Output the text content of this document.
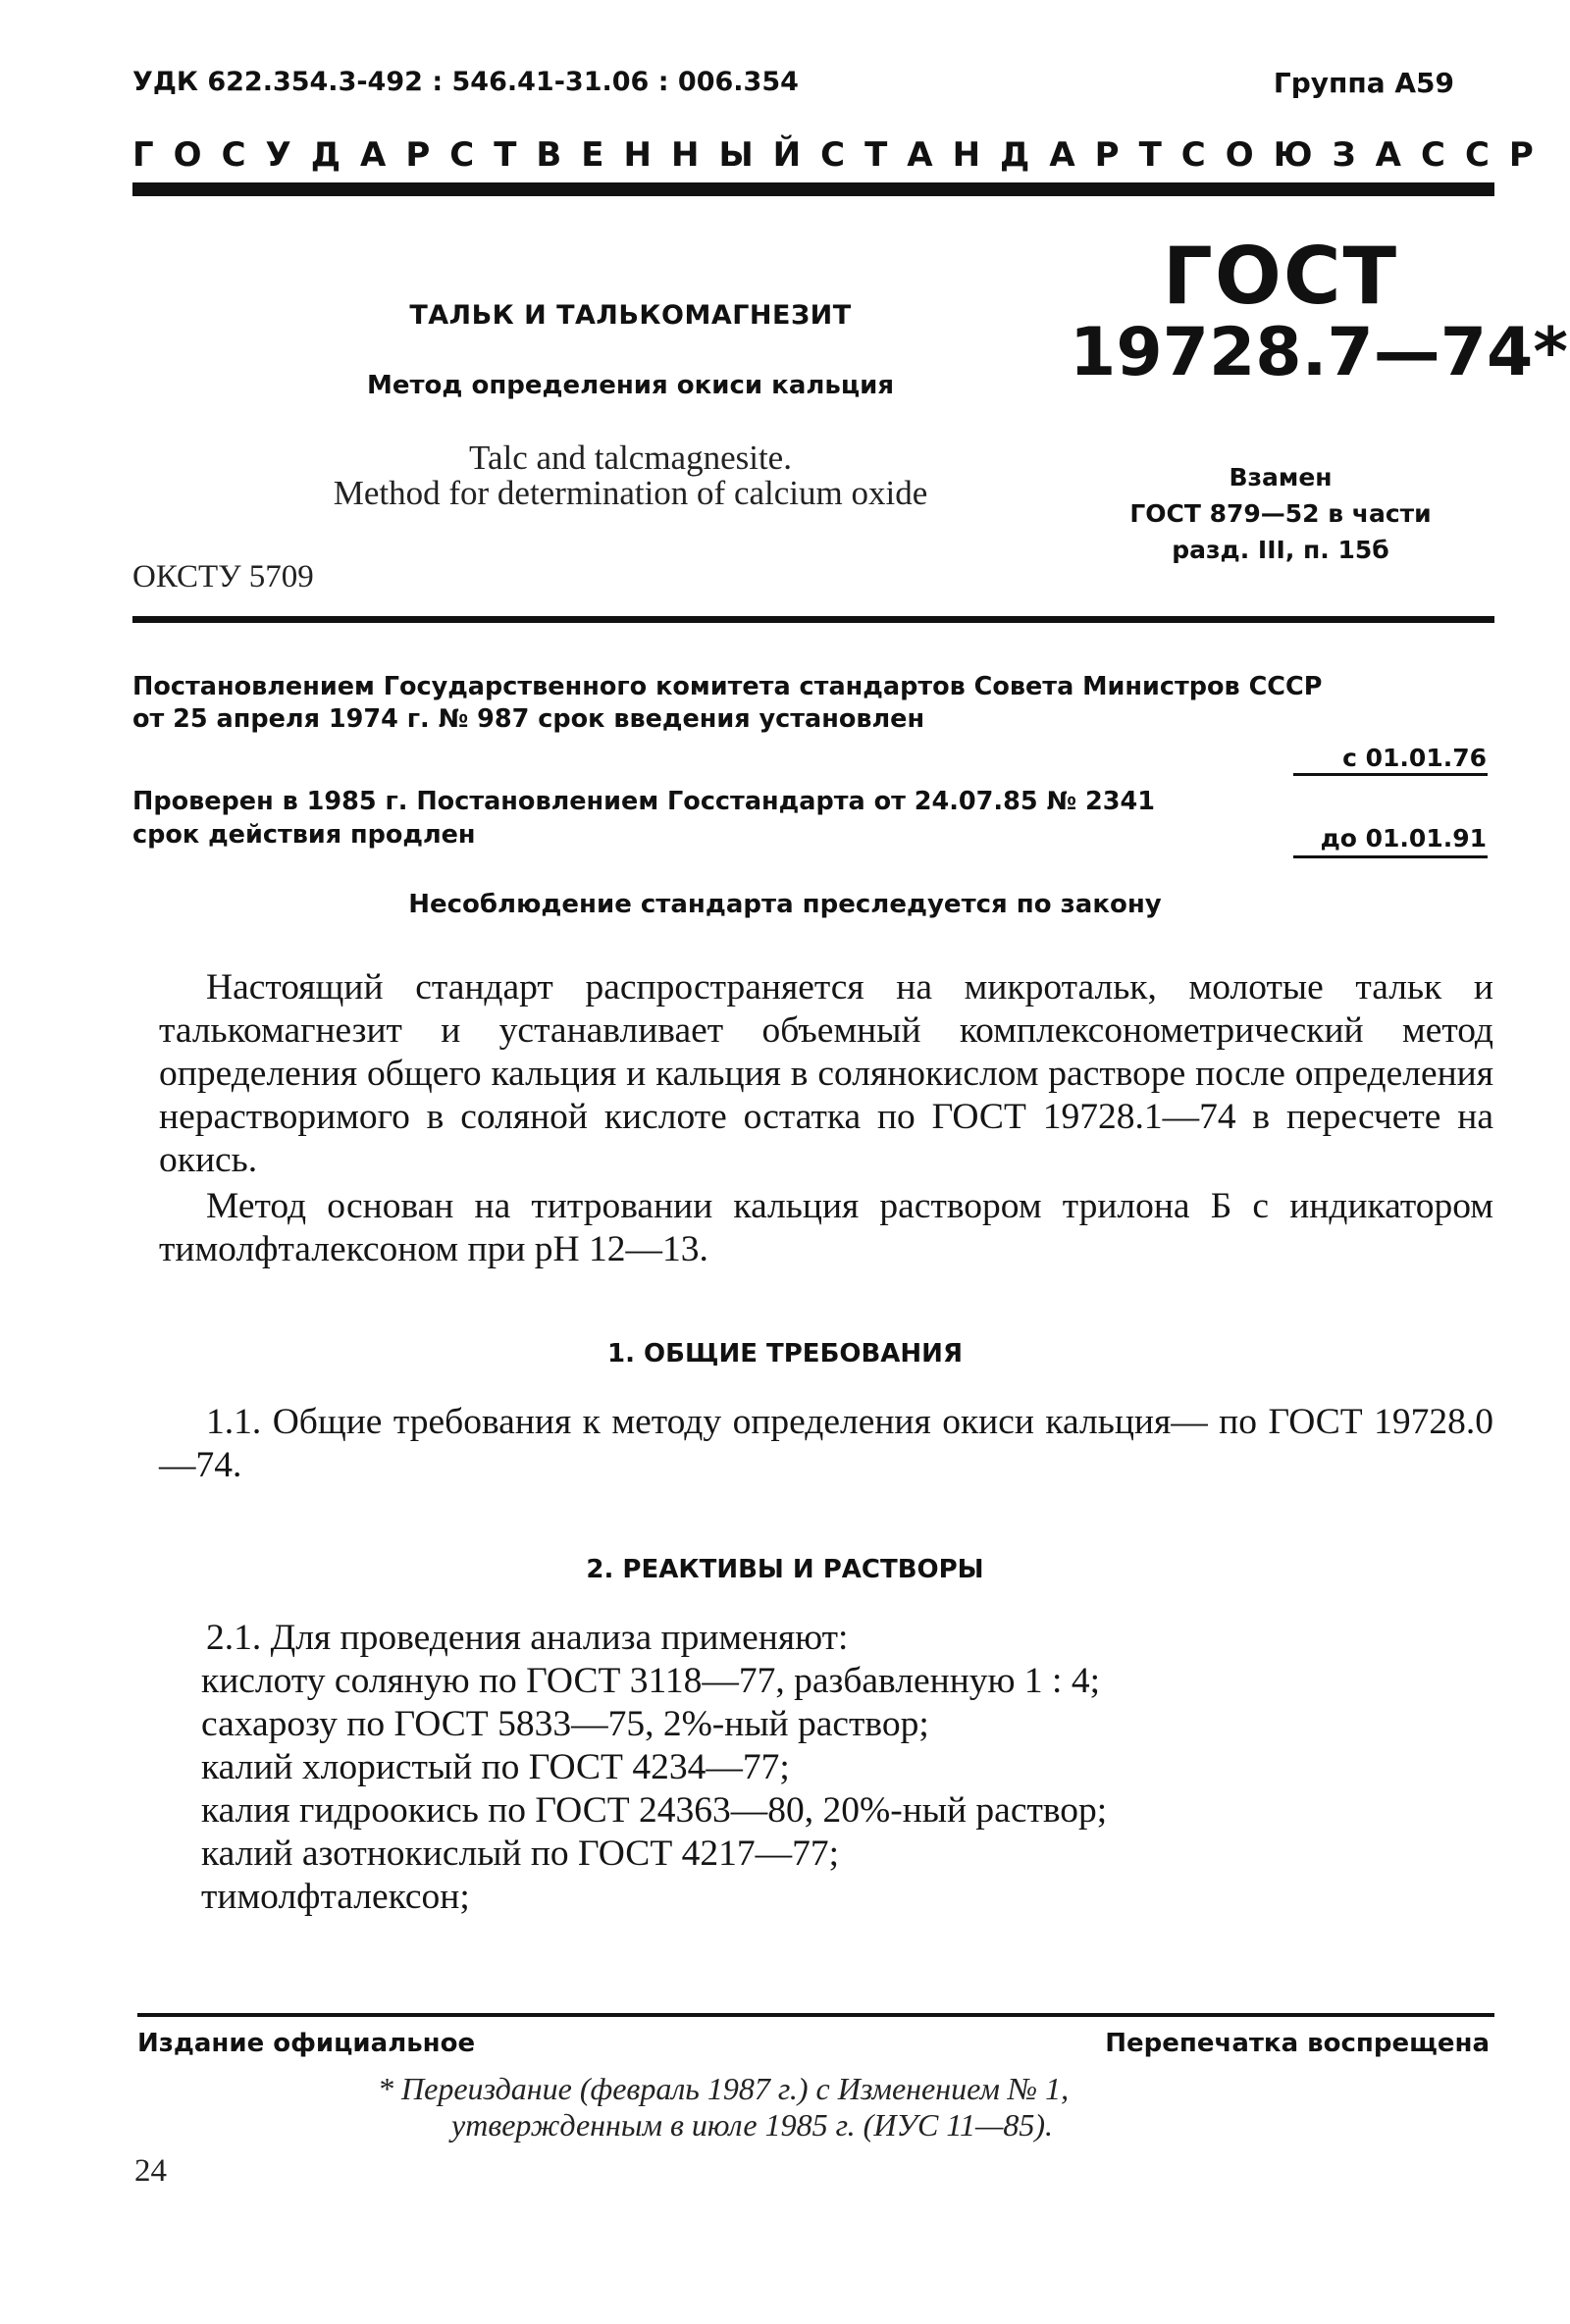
УДК 622.354.3-492 : 546.41-31.06 : 006.354	Группа А59
ГОСУДАРСТВЕННЫЙ СТАНДАРТ СОЮЗА ССР
ТАЛЬК И ТАЛЬКОМАГНЕЗИТ
Метод определения окиси кальция
Talc and talcmagnesite.
Method for determination of calcium oxide
ОКСТУ 5709
ГОСТ
19728.7—74*
Взамен
ГОСТ 879—52 в части
разд. III, п. 15б
Постановлением Государственного комитета стандартов Совета Министров СССР
от 25 апреля 1974 г. № 987 срок введения установлен
с 01.01.76
Проверен в 1985 г. Постановлением Госстандарта от 24.07.85 № 2341
срок действия продлен	до 01.01.91
Несоблюдение стандарта преследуется по закону
Настоящий стандарт распространяется на микротальк, молотые тальк и талькомагнезит и устанавливает объемный комплексонометрический метод определения общего кальция и кальция в солянокислом растворе после определения нерастворимого в соляной кислоте остатка по ГОСТ 19728.1—74 в пересчете на окись.
Метод основан на титровании кальция раствором трилона Б с индикатором тимолфталексоном при pH 12—13.
1. ОБЩИЕ ТРЕБОВАНИЯ
1.1. Общие требования к методу определения окиси кальция— по ГОСТ 19728.0—74.
2. РЕАКТИВЫ И РАСТВОРЫ
2.1. Для проведения анализа применяют:
кислоту соляную по ГОСТ 3118—77, разбавленную 1 : 4;
сахарозу по ГОСТ 5833—75, 2%-ный раствор;
калий хлористый по ГОСТ 4234—77;
калия гидроокись по ГОСТ 24363—80, 20%-ный раствор;
калий азотнокислый по ГОСТ 4217—77;
тимолфталексон;
Издание официальное	Перепечатка воспрещена
* Переиздание (февраль 1987 г.) с Изменением № 1,
утвержденным в июле 1985 г. (ИУС 11—85).
24
